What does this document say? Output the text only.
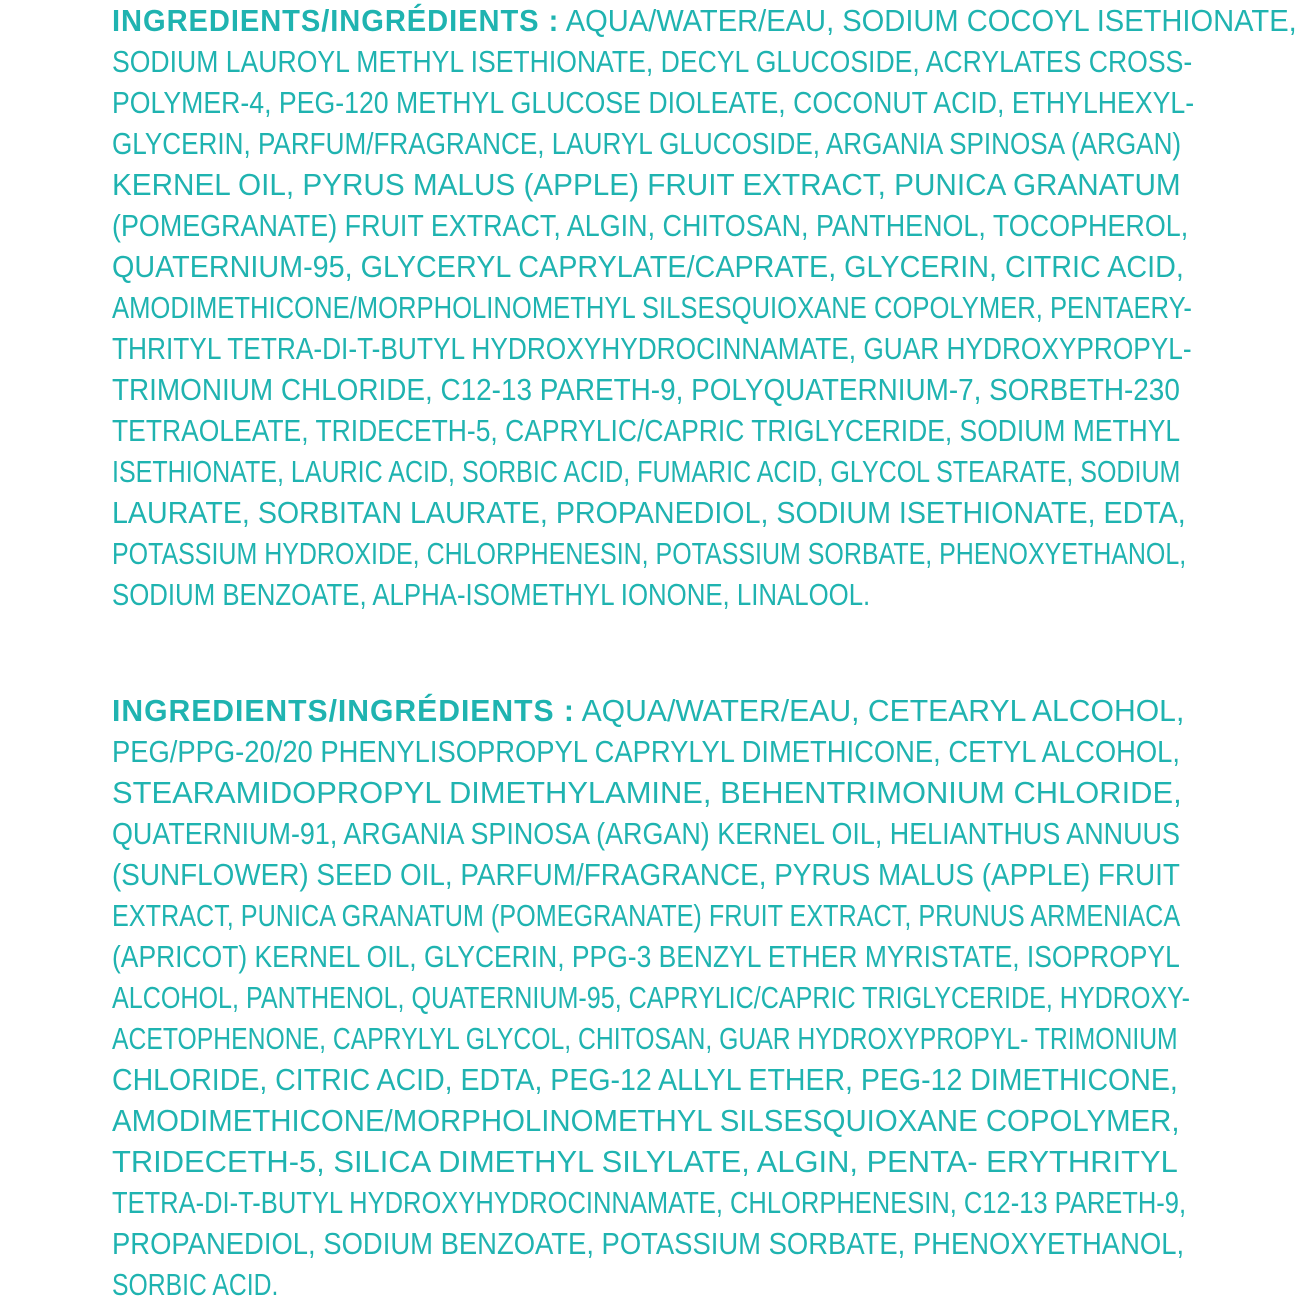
INGREDIENTS/INGRÉDIENTS : AQUA/WATER/EAU, SODIUM COCOYL ISETHIONATE,
SODIUM LAUROYL METHYL ISETHIONATE, DECYL GLUCOSIDE, ACRYLATES CROSS-
POLYMER-4, PEG-120 METHYL GLUCOSE DIOLEATE, COCONUT ACID, ETHYLHEXYL-
GLYCERIN, PARFUM/FRAGRANCE, LAURYL GLUCOSIDE, ARGANIA SPINOSA (ARGAN)
KERNEL OIL, PYRUS MALUS (APPLE) FRUIT EXTRACT, PUNICA GRANATUM
(POMEGRANATE) FRUIT EXTRACT, ALGIN, CHITOSAN, PANTHENOL, TOCOPHEROL,
QUATERNIUM-95, GLYCERYL CAPRYLATE/CAPRATE, GLYCERIN, CITRIC ACID,
AMODIMETHICONE/MORPHOLINOMETHYL SILSESQUIOXANE COPOLYMER, PENTAERY-
THRITYL TETRA-DI-T-BUTYL HYDROXYHYDROCINNAMATE, GUAR HYDROXYPROPYL-
TRIMONIUM CHLORIDE, C12-13 PARETH-9, POLYQUATERNIUM-7, SORBETH-230
TETRAOLEATE, TRIDECETH-5, CAPRYLIC/CAPRIC TRIGLYCERIDE, SODIUM METHYL
ISETHIONATE, LAURIC ACID, SORBIC ACID, FUMARIC ACID, GLYCOL STEARATE, SODIUM
LAURATE, SORBITAN LAURATE, PROPANEDIOL, SODIUM ISETHIONATE, EDTA,
POTASSIUM HYDROXIDE, CHLORPHENESIN, POTASSIUM SORBATE, PHENOXYETHANOL,
SODIUM BENZOATE, ALPHA-ISOMETHYL IONONE, LINALOOL.
INGREDIENTS/INGRÉDIENTS : AQUA/WATER/EAU, CETEARYL ALCOHOL,
PEG/PPG-20/20 PHENYLISOPROPYL CAPRYLYL DIMETHICONE, CETYL ALCOHOL,
STEARAMIDOPROPYL DIMETHYLAMINE, BEHENTRIMONIUM CHLORIDE,
QUATERNIUM-91, ARGANIA SPINOSA (ARGAN) KERNEL OIL, HELIANTHUS ANNUUS
(SUNFLOWER) SEED OIL, PARFUM/FRAGRANCE, PYRUS MALUS (APPLE) FRUIT
EXTRACT, PUNICA GRANATUM (POMEGRANATE) FRUIT EXTRACT, PRUNUS ARMENIACA
(APRICOT) KERNEL OIL, GLYCERIN, PPG-3 BENZYL ETHER MYRISTATE, ISOPROPYL
ALCOHOL, PANTHENOL, QUATERNIUM-95, CAPRYLIC/CAPRIC TRIGLYCERIDE, HYDROXY-
ACETOPHENONE, CAPRYLYL GLYCOL, CHITOSAN, GUAR HYDROXYPROPYL- TRIMONIUM
CHLORIDE, CITRIC ACID, EDTA, PEG-12 ALLYL ETHER, PEG-12 DIMETHICONE,
AMODIMETHICONE/MORPHOLINOMETHYL SILSESQUIOXANE COPOLYMER,
TRIDECETH-5, SILICA DIMETHYL SILYLATE, ALGIN, PENTA- ERYTHRITYL
TETRA-DI-T-BUTYL HYDROXYHYDROCINNAMATE, CHLORPHENESIN, C12-13 PARETH-9,
PROPANEDIOL, SODIUM BENZOATE, POTASSIUM SORBATE, PHENOXYETHANOL,
SORBIC ACID.
